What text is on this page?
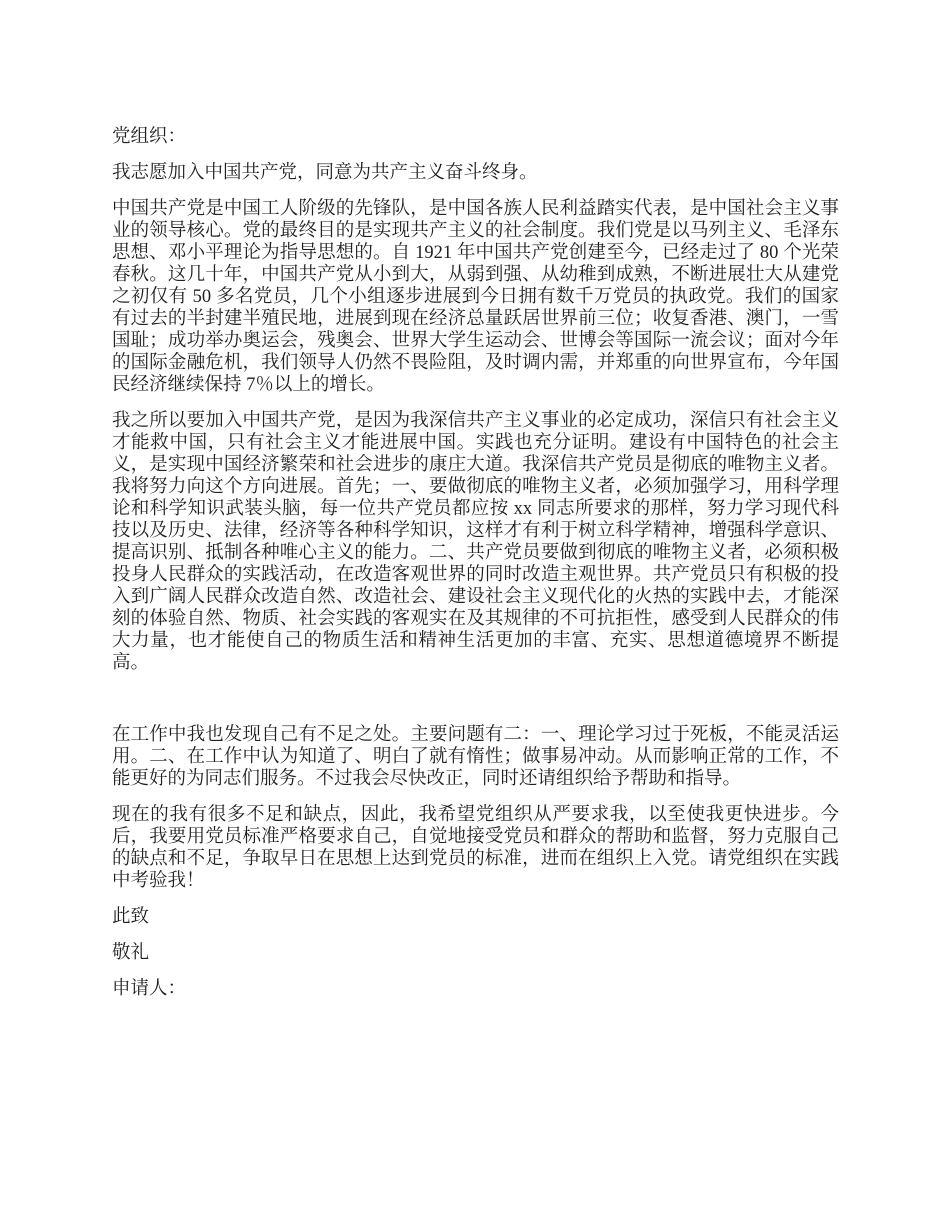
党组织：

我志愿加入中国共产党，同意为共产主义奋斗终身。

中国共产党是中国工人阶级的先锋队，是中国各族人民利益踏实代表，是中国社会主义事业的领导核心。党的最终目的是实现共产主义的社会制度。我们党是以马列主义、毛泽东思想、邓小平理论为指导思想的。自 1921 年中国共产党创建至今，已经走过了 80 个光荣春秋。这几十年，中国共产党从小到大，从弱到强、从幼稚到成熟，不断进展壮大从建党之初仅有 50 多名党员，几个小组逐步进展到今日拥有数千万党员的执政党。我们的国家有过去的半封建半殖民地，进展到现在经济总量跃居世界前三位；收复香港、澳门，一雪国耻；成功举办奥运会，残奥会、世界大学生运动会、世博会等国际一流会议；面对今年的国际金融危机，我们领导人仍然不畏险阻，及时调内需，并郑重的向世界宣布，今年国民经济继续保持 7％以上的增长。

我之所以要加入中国共产党，是因为我深信共产主义事业的必定成功，深信只有社会主义才能救中国，只有社会主义才能进展中国。实践也充分证明。建设有中国特色的社会主义，是实现中国经济繁荣和社会进步的康庄大道。我深信共产党员是彻底的唯物主义者。我将努力向这个方向进展。首先；一、要做彻底的唯物主义者，必须加强学习，用科学理论和科学知识武装头脑，每一位共产党员都应按 xx 同志所要求的那样，努力学习现代科技以及历史、法律，经济等各种科学知识，这样才有利于树立科学精神，增强科学意识、提高识别、抵制各种唯心主义的能力。二、共产党员要做到彻底的唯物主义者，必须积极投身人民群众的实践活动，在改造客观世界的同时改造主观世界。共产党员只有积极的投入到广阔人民群众改造自然、改造社会、建设社会主义现代化的火热的实践中去，才能深刻的体验自然、物质、社会实践的客观实在及其规律的不可抗拒性，感受到人民群众的伟大力量，也才能使自己的物质生活和精神生活更加的丰富、充实、思想道德境界不断提高。

在工作中我也发现自己有不足之处。主要问题有二：一、理论学习过于死板，不能灵活运用。二、在工作中认为知道了、明白了就有惰性；做事易冲动。从而影响正常的工作，不能更好的为同志们服务。不过我会尽快改正，同时还请组织给予帮助和指导。

现在的我有很多不足和缺点，因此，我希望党组织从严要求我，以至使我更快进步。今后，我要用党员标准严格要求自己，自觉地接受党员和群众的帮助和监督，努力克服自己的缺点和不足，争取早日在思想上达到党员的标准，进而在组织上入党。请党组织在实践中考验我！

此致

敬礼

申请人：
